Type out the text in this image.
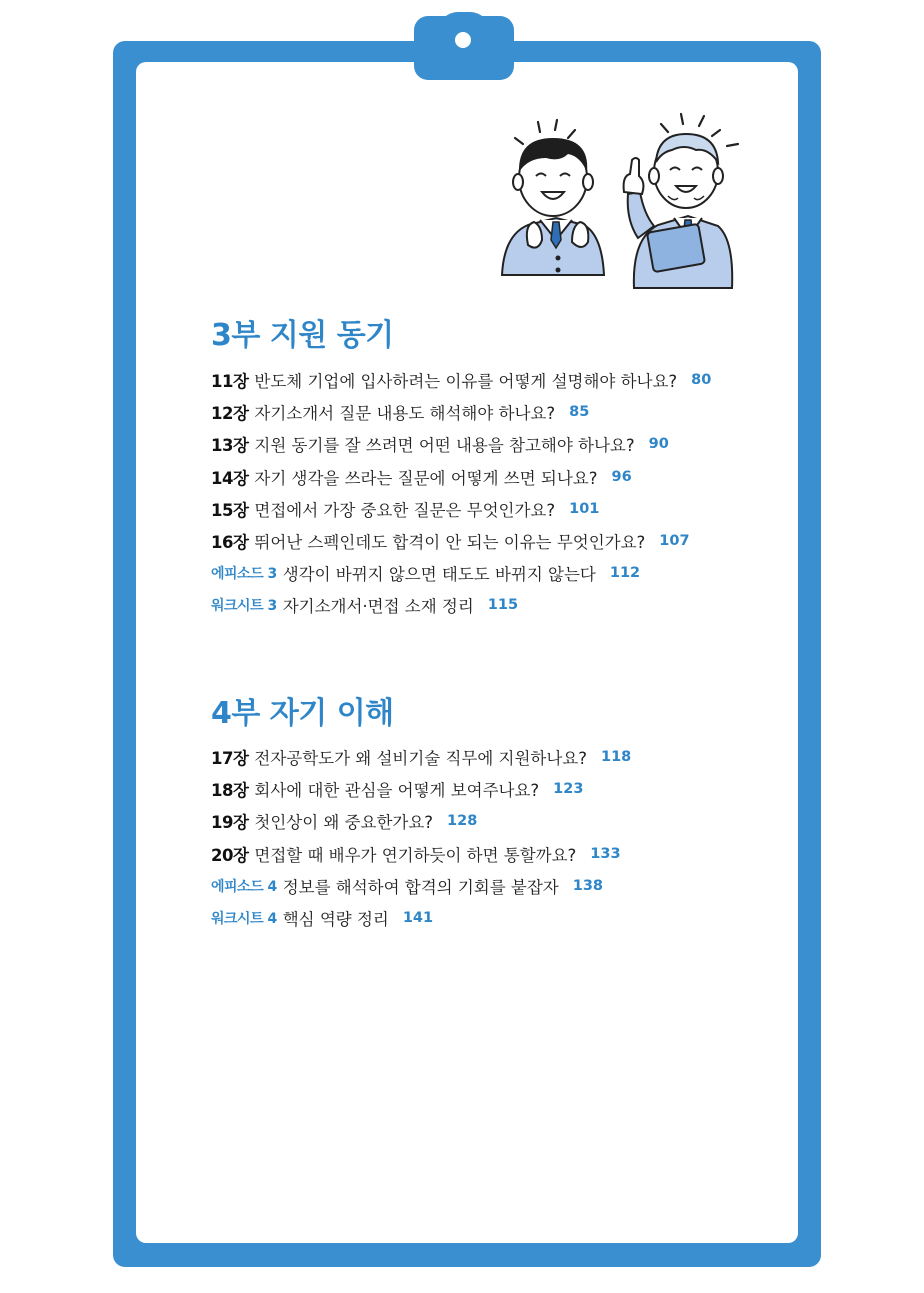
3부 지원 동기
11장 반도체 기업에 입사하려는 이유를 어떻게 설명해야 하나요? 80
12장 자기소개서 질문 내용도 해석해야 하나요? 85
13장 지원 동기를 잘 쓰려면 어떤 내용을 참고해야 하나요? 90
14장 자기 생각을 쓰라는 질문에 어떻게 쓰면 되나요? 96
15장 면접에서 가장 중요한 질문은 무엇인가요? 101
16장 뛰어난 스펙인데도 합격이 안 되는 이유는 무엇인가요? 107
에피소드 3 생각이 바뀌지 않으면 태도도 바뀌지 않는다 112
워크시트 3 자기소개서·면접 소재 정리 115
4부 자기 이해
17장 전자공학도가 왜 설비기술 직무에 지원하나요? 118
18장 회사에 대한 관심을 어떻게 보여주나요? 123
19장 첫인상이 왜 중요한가요? 128
20장 면접할 때 배우가 연기하듯이 하면 통할까요? 133
에피소드 4 정보를 해석하여 합격의 기회를 붙잡자 138
워크시트 4 핵심 역량 정리 141
